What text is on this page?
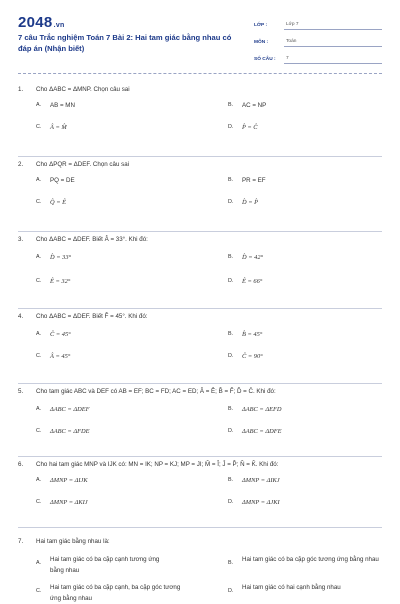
2048.vn
7 câu Trắc nghiệm Toán 7 Bài 2: Hai tam giác bằng nhau có đáp án (Nhận biết)
LỚP :	Lớp 7
MÔN :	Toán
SỐ CÂU :	7
1.	Cho ΔABC = ΔMNP. Chọn câu sai
A.	AB = MN	B.	AC = NP
C.	Â = M̂	D.	P̂ = Ĉ
2.	Cho ΔPQR = ΔDEF. Chọn câu sai
A.	PQ = DE	B.	PR = EF
C.	Q̂ = Ê	D.	D̂ = P̂
3.	Cho ΔABC = ΔDEF. Biết Â = 33°. Khi đó:
A.	D̂ = 33°	B.	D̂ = 42°
C.	Ê = 32°	D.	Ê = 66°
4.	Cho ΔABC = ΔDEF. Biết F̂ = 45°. Khi đó:
A.	Ĉ = 45°	B.	B̂ = 45°
C.	Â = 45°	D.	Ĉ = 90°
5.	Cho tam giác ABC và DEF có AB = EF; BC = FD; AC = ED; Â = Ê; B̂ = F̂; D̂ = Ĉ. Khi đó:
A.	ΔABC = ΔDEF	B.	ΔABC = ΔEFD
C.	ΔABC = ΔFDE	D.	ΔABC = ΔDFE
6.	Cho hai tam giác MNP và IJK có: MN = IK; NP = KJ; MP = JI; M̂ = Î; Ĵ = P̂; N̂ = K̂. Khi đó:
A.	ΔMNP = ΔIJK	B.	ΔMNP = ΔIKJ
C.	ΔMNP = ΔKIJ	D.	ΔMNP = ΔJKI
7.	Hai tam giác bằng nhau là:
A.	Hai tam giác có ba cặp cạnh tương ứng bằng nhau
B.	Hai tam giác có ba cặp góc tương ứng bằng nhau
C.	Hai tam giác có ba cặp cạnh, ba cặp góc tương ứng bằng nhau
D.	Hai tam giác có hai cạnh bằng nhau
